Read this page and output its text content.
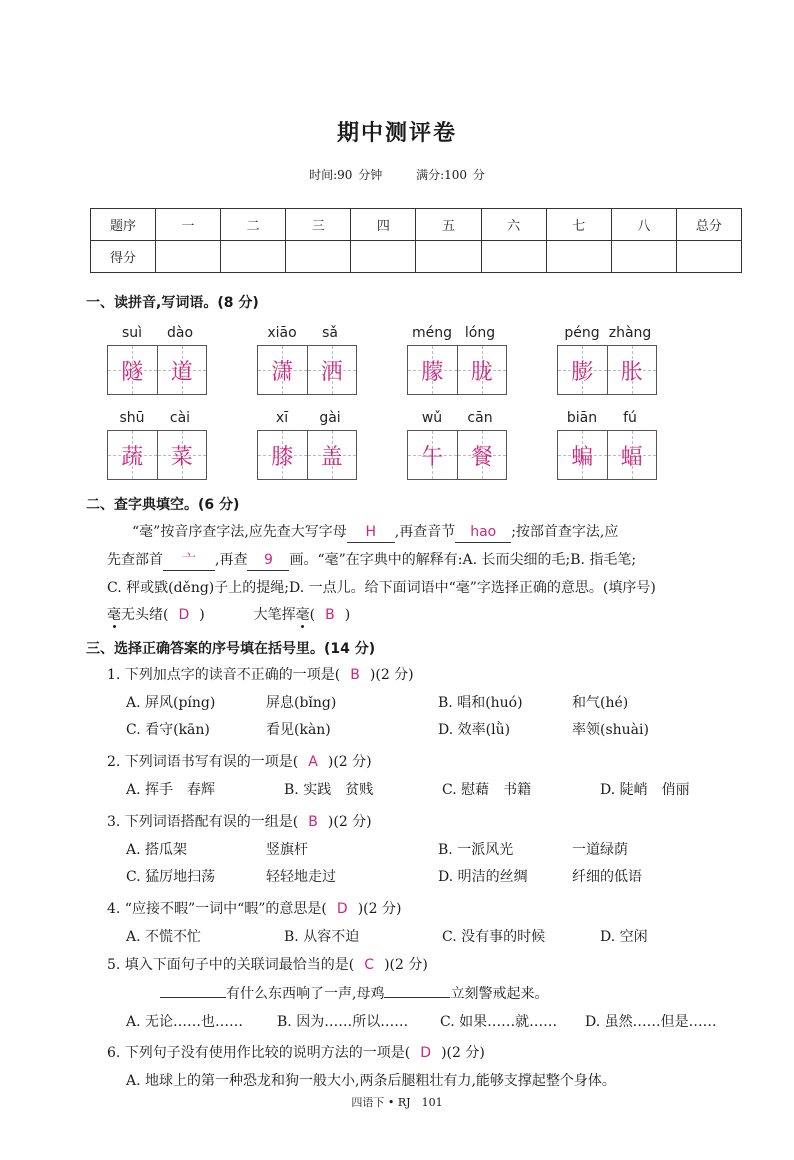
期中测评卷
时间:90 分钟	满分:100 分
题序	一	二	三	四	五	六	七	八	总分
得分									
一、读拼音,写词语。(8 分)
suì	dào
隧 道
xiāo	sǎ
潇 洒
méng lóng
朦 胧
péng zhàng
膨 胀
shū	cài
蔬 菜
xī	gài
膝 盖
wǔ	cān
午 餐
biān	fú
蝙 蝠
二、查字典填空。(6 分)
“毫”按音序查字法,应先查大写字母 H ,再查音节 hao ;按部首查字法,应
先查部首 亠 ,再查 9 画。“毫”在字典中的解释有:A. 长而尖细的毛;B. 指毛笔;
C. 秤或戥(děng)子上的提绳;D. 一点儿。给下面词语中“毫”字选择正确的意思。(填序号)
毫无头绪( D )	大笔挥毫( B )
三、选择正确答案的序号填在括号里。(14 分)
1. 下列加点字的读音不正确的一项是( B )(2 分)
A. 屏风(píng)	屏息(bǐng)	B. 唱和(huó)	和气(hé)
C. 看守(kān)	看见(kàn)	D. 效率(lǜ)	率领(shuài)
2. 下列词语书写有误的一项是( A )(2 分)
A. 挥手　春辉	B. 实践　贫贱	C. 慰藉　书籍	D. 陡峭　俏丽
3. 下列词语搭配有误的一组是( B )(2 分)
A. 搭瓜架	竖旗杆	B. 一派风光	一道绿荫
C. 猛厉地扫荡	轻轻地走过	D. 明洁的丝绸	纤细的低语
4. “应接不暇”一词中“暇”的意思是( D )(2 分)
A. 不慌不忙	B. 从容不迫	C. 没有事的时候	D. 空闲
5. 填入下面句子中的关联词最恰当的是( C )(2 分)
有什么东西响了一声,母鸡	立刻警戒起来。
A. 无论……也…… B. 因为……所以…… C. 如果……就…… D. 虽然……但是……
6. 下列句子没有使用作比较的说明方法的一项是( D )(2 分)
A. 地球上的第一种恐龙和狗一般大小,两条后腿粗壮有力,能够支撑起整个身体。
四语下 • RJ　101
